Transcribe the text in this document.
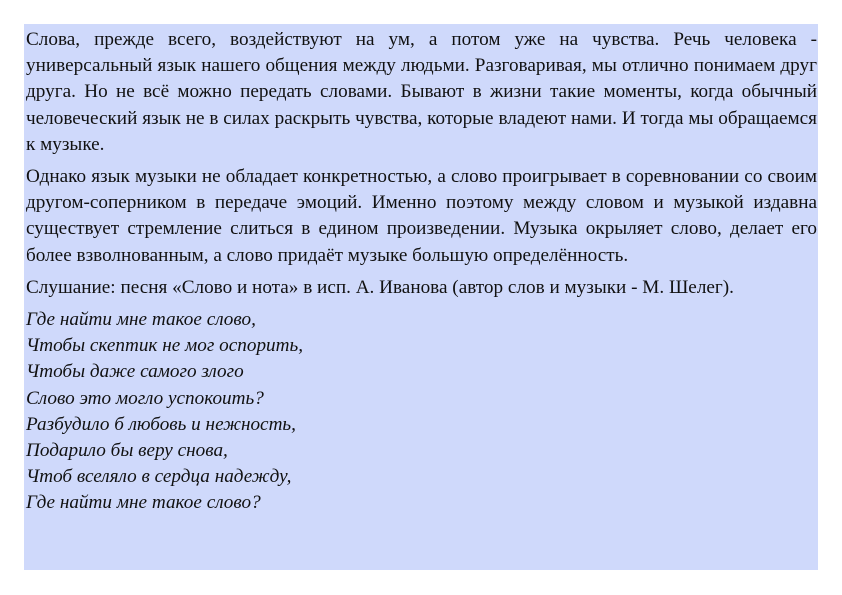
Слова, прежде всего, воздействуют на ум, а потом уже на чувства. Речь человека - универсальный язык нашего общения между людьми. Разговаривая, мы отлично понимаем друг друга. Но не всё можно передать словами. Бывают в жизни такие моменты, когда обычный человеческий язык не в силах раскрыть чувства, которые владеют нами. И тогда мы обращаемся к музыке.

Однако язык музыки не обладает конкретностью, а слово проигрывает в соревновании со своим другом-соперником в передаче эмоций. Именно поэтому между словом и музыкой издавна существует стремление слиться в едином произведении. Музыка окрыляет слово, делает его более взволнованным, а слово придаёт музыке большую определённость.

Слушание: песня «Слово и нота» в исп. А. Иванова (автор слов и музыки - М. Шелег).

Где найти мне такое слово,
Чтобы скептик не мог оспорить,
Чтобы даже самого злого
Слово это могло успокоить?
Разбудило б любовь и нежность,
Подарило бы веру снова,
Чтоб вселяло в сердца надежду,
Где найти мне такое слово?
